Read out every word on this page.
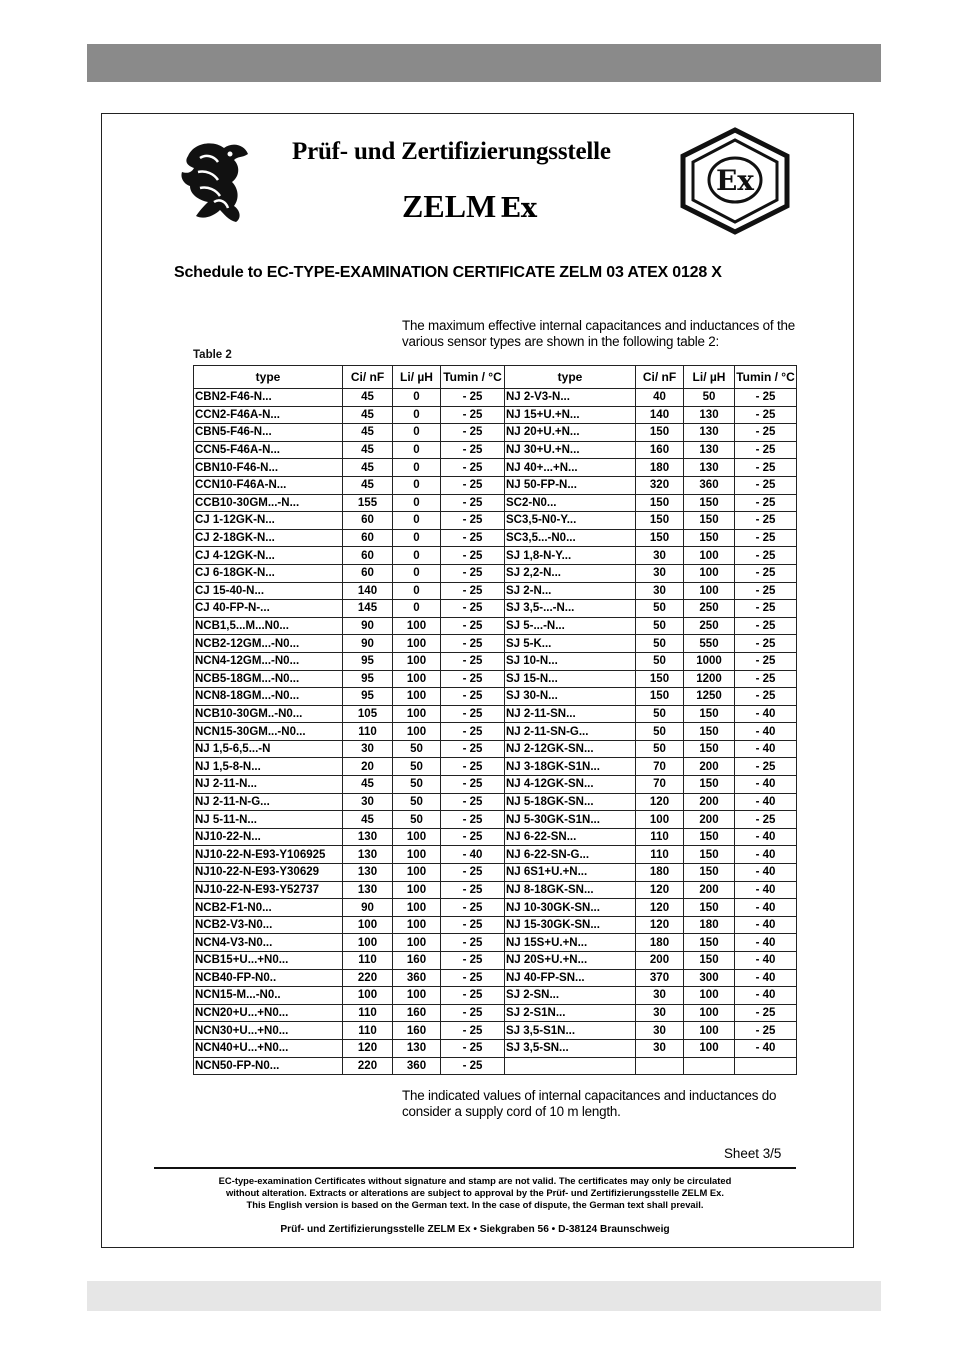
Prüf- und Zertifizierungsstelle
ZELM Ex
Ex
Schedule to EC-TYPE-EXAMINATION CERTIFICATE ZELM 03 ATEX 0128 X
The maximum effective internal capacitances and inductances of the various sensor types are shown in the following table 2:
Table 2
type	Ci/ nF	Li/ µH	Tumin / °C	type	Ci/ nF	Li/ µH	Tumin / °C
CBN2-F46-N...	45	0	- 25	NJ 2-V3-N...	40	50	- 25
CCN2-F46A-N...	45	0	- 25	NJ 15+U.+N...	140	130	- 25
CBN5-F46-N...	45	0	- 25	NJ 20+U.+N...	150	130	- 25
CCN5-F46A-N...	45	0	- 25	NJ 30+U.+N...	160	130	- 25
CBN10-F46-N...	45	0	- 25	NJ 40+...+N...	180	130	- 25
CCN10-F46A-N...	45	0	- 25	NJ 50-FP-N...	320	360	- 25
CCB10-30GM...-N...	155	0	- 25	SC2-N0...	150	150	- 25
CJ 1-12GK-N...	60	0	- 25	SC3,5-N0-Y...	150	150	- 25
CJ 2-18GK-N...	60	0	- 25	SC3,5...-N0...	150	150	- 25
CJ 4-12GK-N...	60	0	- 25	SJ 1,8-N-Y...	30	100	- 25
CJ 6-18GK-N...	60	0	- 25	SJ 2,2-N...	30	100	- 25
CJ 15-40-N...	140	0	- 25	SJ 2-N...	30	100	- 25
CJ 40-FP-N-...	145	0	- 25	SJ 3,5-...-N...	50	250	- 25
NCB1,5...M...N0...	90	100	- 25	SJ 5-...-N...	50	250	- 25
NCB2-12GM...-N0...	90	100	- 25	SJ 5-K...	50	550	- 25
NCN4-12GM...-N0...	95	100	- 25	SJ 10-N...	50	1000	- 25
NCB5-18GM...-N0...	95	100	- 25	SJ 15-N...	150	1200	- 25
NCN8-18GM...-N0...	95	100	- 25	SJ 30-N...	150	1250	- 25
NCB10-30GM..-N0...	105	100	- 25	NJ 2-11-SN...	50	150	- 40
NCN15-30GM...-N0...	110	100	- 25	NJ 2-11-SN-G...	50	150	- 40
NJ 1,5-6,5...-N	30	50	- 25	NJ 2-12GK-SN...	50	150	- 40
NJ 1,5-8-N...	20	50	- 25	NJ 3-18GK-S1N...	70	200	- 25
NJ 2-11-N...	45	50	- 25	NJ 4-12GK-SN...	70	150	- 40
NJ 2-11-N-G...	30	50	- 25	NJ 5-18GK-SN...	120	200	- 40
NJ 5-11-N...	45	50	- 25	NJ 5-30GK-S1N...	100	200	- 25
NJ10-22-N...	130	100	- 25	NJ 6-22-SN...	110	150	- 40
NJ10-22-N-E93-Y106925	130	100	- 40	NJ 6-22-SN-G...	110	150	- 40
NJ10-22-N-E93-Y30629	130	100	- 25	NJ 6S1+U.+N...	180	150	- 40
NJ10-22-N-E93-Y52737	130	100	- 25	NJ 8-18GK-SN...	120	200	- 40
NCB2-F1-N0...	90	100	- 25	NJ 10-30GK-SN...	120	150	- 40
NCB2-V3-N0...	100	100	- 25	NJ 15-30GK-SN...	120	180	- 40
NCN4-V3-N0...	100	100	- 25	NJ 15S+U.+N...	180	150	- 40
NCB15+U...+N0...	110	160	- 25	NJ 20S+U.+N...	200	150	- 40
NCB40-FP-N0..	220	360	- 25	NJ 40-FP-SN...	370	300	- 40
NCN15-M...-N0..	100	100	- 25	SJ 2-SN...	30	100	- 40
NCN20+U...+N0...	110	160	- 25	SJ 2-S1N...	30	100	- 25
NCN30+U...+N0...	110	160	- 25	SJ 3,5-S1N...	30	100	- 25
NCN40+U...+N0...	120	130	- 25	SJ 3,5-SN...	30	100	- 40
NCN50-FP-N0...	220	360	- 25				
The indicated values of internal capacitances and inductances do consider a supply cord of 10 m length.
Sheet 3/5
EC-type-examination Certificates without signature and stamp are not valid. The certificates may only be circulated
without alteration. Extracts or alterations are subject to approval by the Prüf- und Zertifizierungsstelle ZELM Ex.
This English version is based on the German text. In the case of dispute, the German text shall prevail.
Prüf- und Zertifizierungsstelle ZELM Ex • Siekgraben 56 • D-38124 Braunschweig
